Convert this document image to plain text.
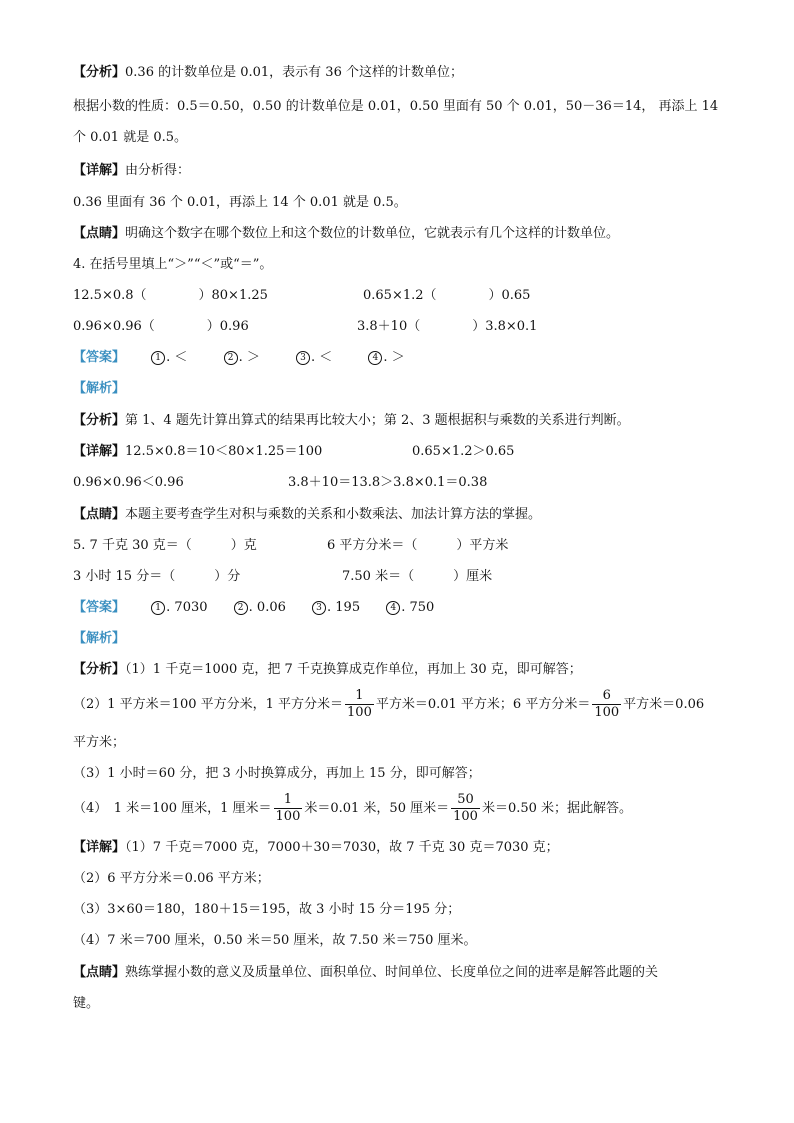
【分析】0.36 的计数单位是 0.01，表示有 36 个这样的计数单位；
根据小数的性质：0.5＝0.50，0.50 的计数单位是 0.01，0.50 里面有 50 个 0.01，50－36＝14， 再添上 14
个 0.01 就是 0.5。
【详解】由分析得：
0.36 里面有 36 个 0.01，再添上 14 个 0.01 就是 0.5。
【点睛】明确这个数字在哪个数位上和这个数位的计数单位，它就表示有几个这样的计数单位。
4. 在括号里填上“＞”“＜”或“＝”。
12.5×0.8（　　　　）80×1.25	0.65×1.2（　　　　）0.65
0.96×0.96（　　　　）0.96	3.8＋10（　　　　）3.8×0.1
【答案】	1 . ＜	2 . ＞	3 . ＜	4 . ＞
【解析】
【分析】第 1、4 题先计算出算式的结果再比较大小；第 2、3 题根据积与乘数的关系进行判断。
【详解】12.5×0.8＝10＜80×1.25＝100	0.65×1.2＞0.65
0.96×0.96＜0.96	3.8＋10＝13.8＞3.8×0.1＝0.38
【点睛】本题主要考查学生对积与乘数的关系和小数乘法、加法计算方法的掌握。
5. 7 千克 30 克＝（　　　）克	6 平方分米＝（　　　）平方米
3 小时 15 分＝（　　　）分	7.50 米＝（　　　）厘米
【答案】	1 . 7030	2 . 0.06	3 . 195	4 . 750
【解析】
【分析】（1）1 千克＝1000 克，把 7 千克换算成克作单位，再加上 30 克，即可解答；
（2）1 平方米＝100 平方分米，1 平方分米＝ $\frac{1}{100}$ 平方米＝0.01 平方米；6 平方分米＝ $\frac{6}{100}$ 平方米＝0.06
平方米；
（3）1 小时＝60 分，把 3 小时换算成分，再加上 15 分，即可解答；
（4）　1 米＝100 厘米，1 厘米＝ $\frac{1}{100}$ 米＝0.01 米，50 厘米＝ $\frac{50}{100}$ 米＝0.50 米；据此解答。
【详解】（1）7 千克＝7000 克，7000＋30＝7030，故 7 千克 30 克＝7030 克；
（2）6 平方分米＝0.06 平方米；
（3）3×60＝180，180＋15＝195，故 3 小时 15 分＝195 分；
（4）7 米＝700 厘米，0.50 米＝50 厘米，故 7.50 米＝750 厘米。
【点睛】熟练掌握小数的意义及质量单位、面积单位、时间单位、长度单位之间的进率是解答此题的关
键。
